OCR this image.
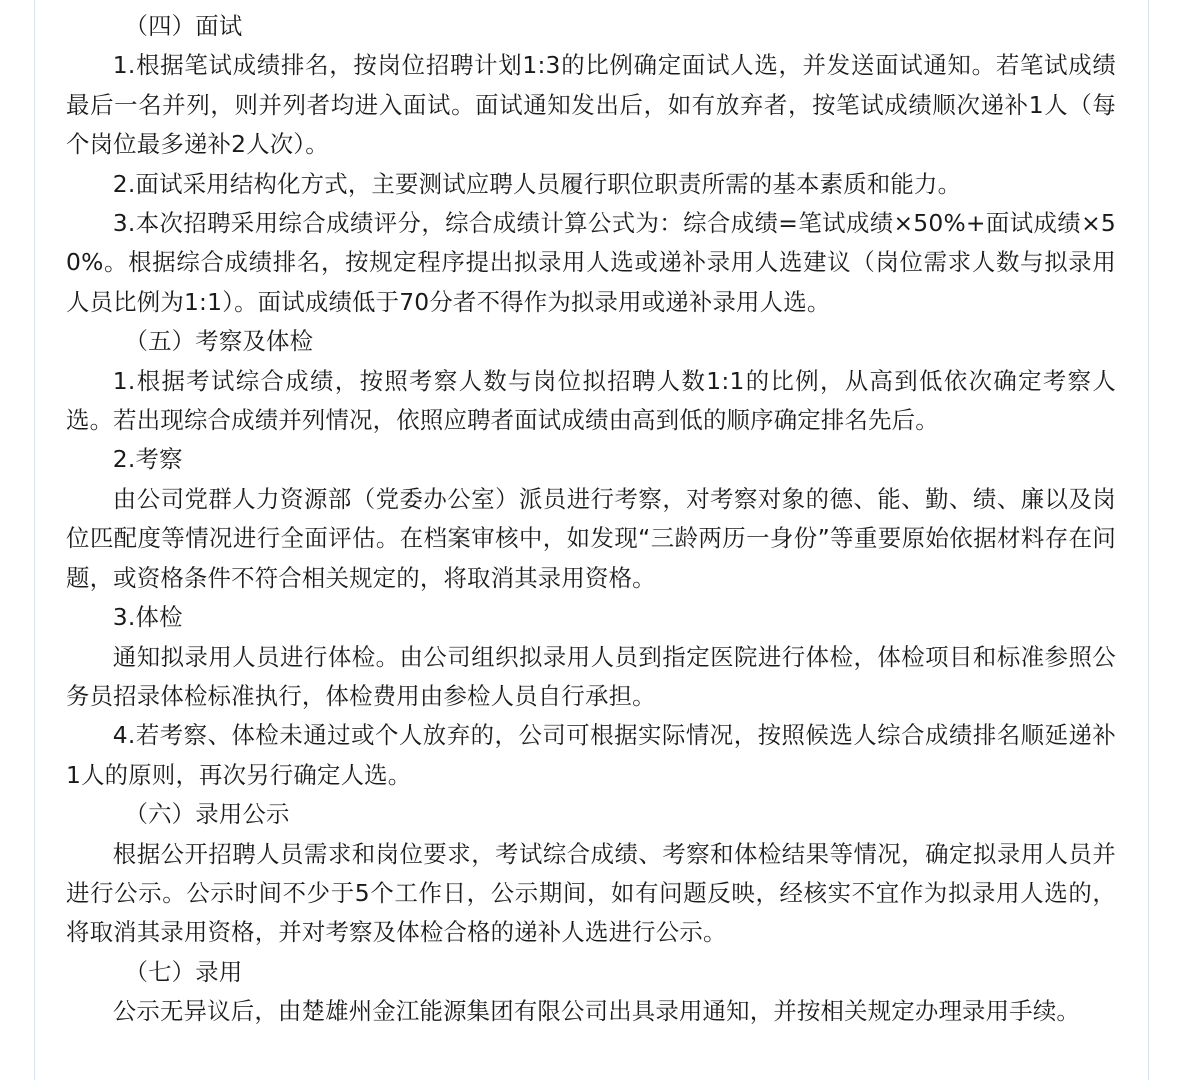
（四）面试

1.根据笔试成绩排名，按岗位招聘计划1:3的比例确定面试人选，并发送面试通知。若笔试成绩最后一名并列，则并列者均进入面试。面试通知发出后，如有放弃者，按笔试成绩顺次递补1人（每个岗位最多递补2人次）。

2.面试采用结构化方式，主要测试应聘人员履行职位职责所需的基本素质和能力。

3.本次招聘采用综合成绩评分，综合成绩计算公式为：综合成绩=笔试成绩×50%+面试成绩×50%。根据综合成绩排名，按规定程序提出拟录用人选或递补录用人选建议（岗位需求人数与拟录用人员比例为1:1）。面试成绩低于70分者不得作为拟录用或递补录用人选。

（五）考察及体检

1.根据考试综合成绩，按照考察人数与岗位拟招聘人数1:1的比例，从高到低依次确定考察人选。若出现综合成绩并列情况，依照应聘者面试成绩由高到低的顺序确定排名先后。

2.考察

由公司党群人力资源部（党委办公室）派员进行考察，对考察对象的德、能、勤、绩、廉以及岗位匹配度等情况进行全面评估。在档案审核中，如发现“三龄两历一身份”等重要原始依据材料存在问题，或资格条件不符合相关规定的，将取消其录用资格。

3.体检

通知拟录用人员进行体检。由公司组织拟录用人员到指定医院进行体检，体检项目和标准参照公务员招录体检标准执行，体检费用由参检人员自行承担。

4.若考察、体检未通过或个人放弃的，公司可根据实际情况，按照候选人综合成绩排名顺延递补1人的原则，再次另行确定人选。

（六）录用公示

根据公开招聘人员需求和岗位要求，考试综合成绩、考察和体检结果等情况，确定拟录用人员并进行公示。公示时间不少于5个工作日，公示期间，如有问题反映，经核实不宜作为拟录用人选的，将取消其录用资格，并对考察及体检合格的递补人选进行公示。

（七）录用

公示无异议后，由楚雄州金江能源集团有限公司出具录用通知，并按相关规定办理录用手续。
